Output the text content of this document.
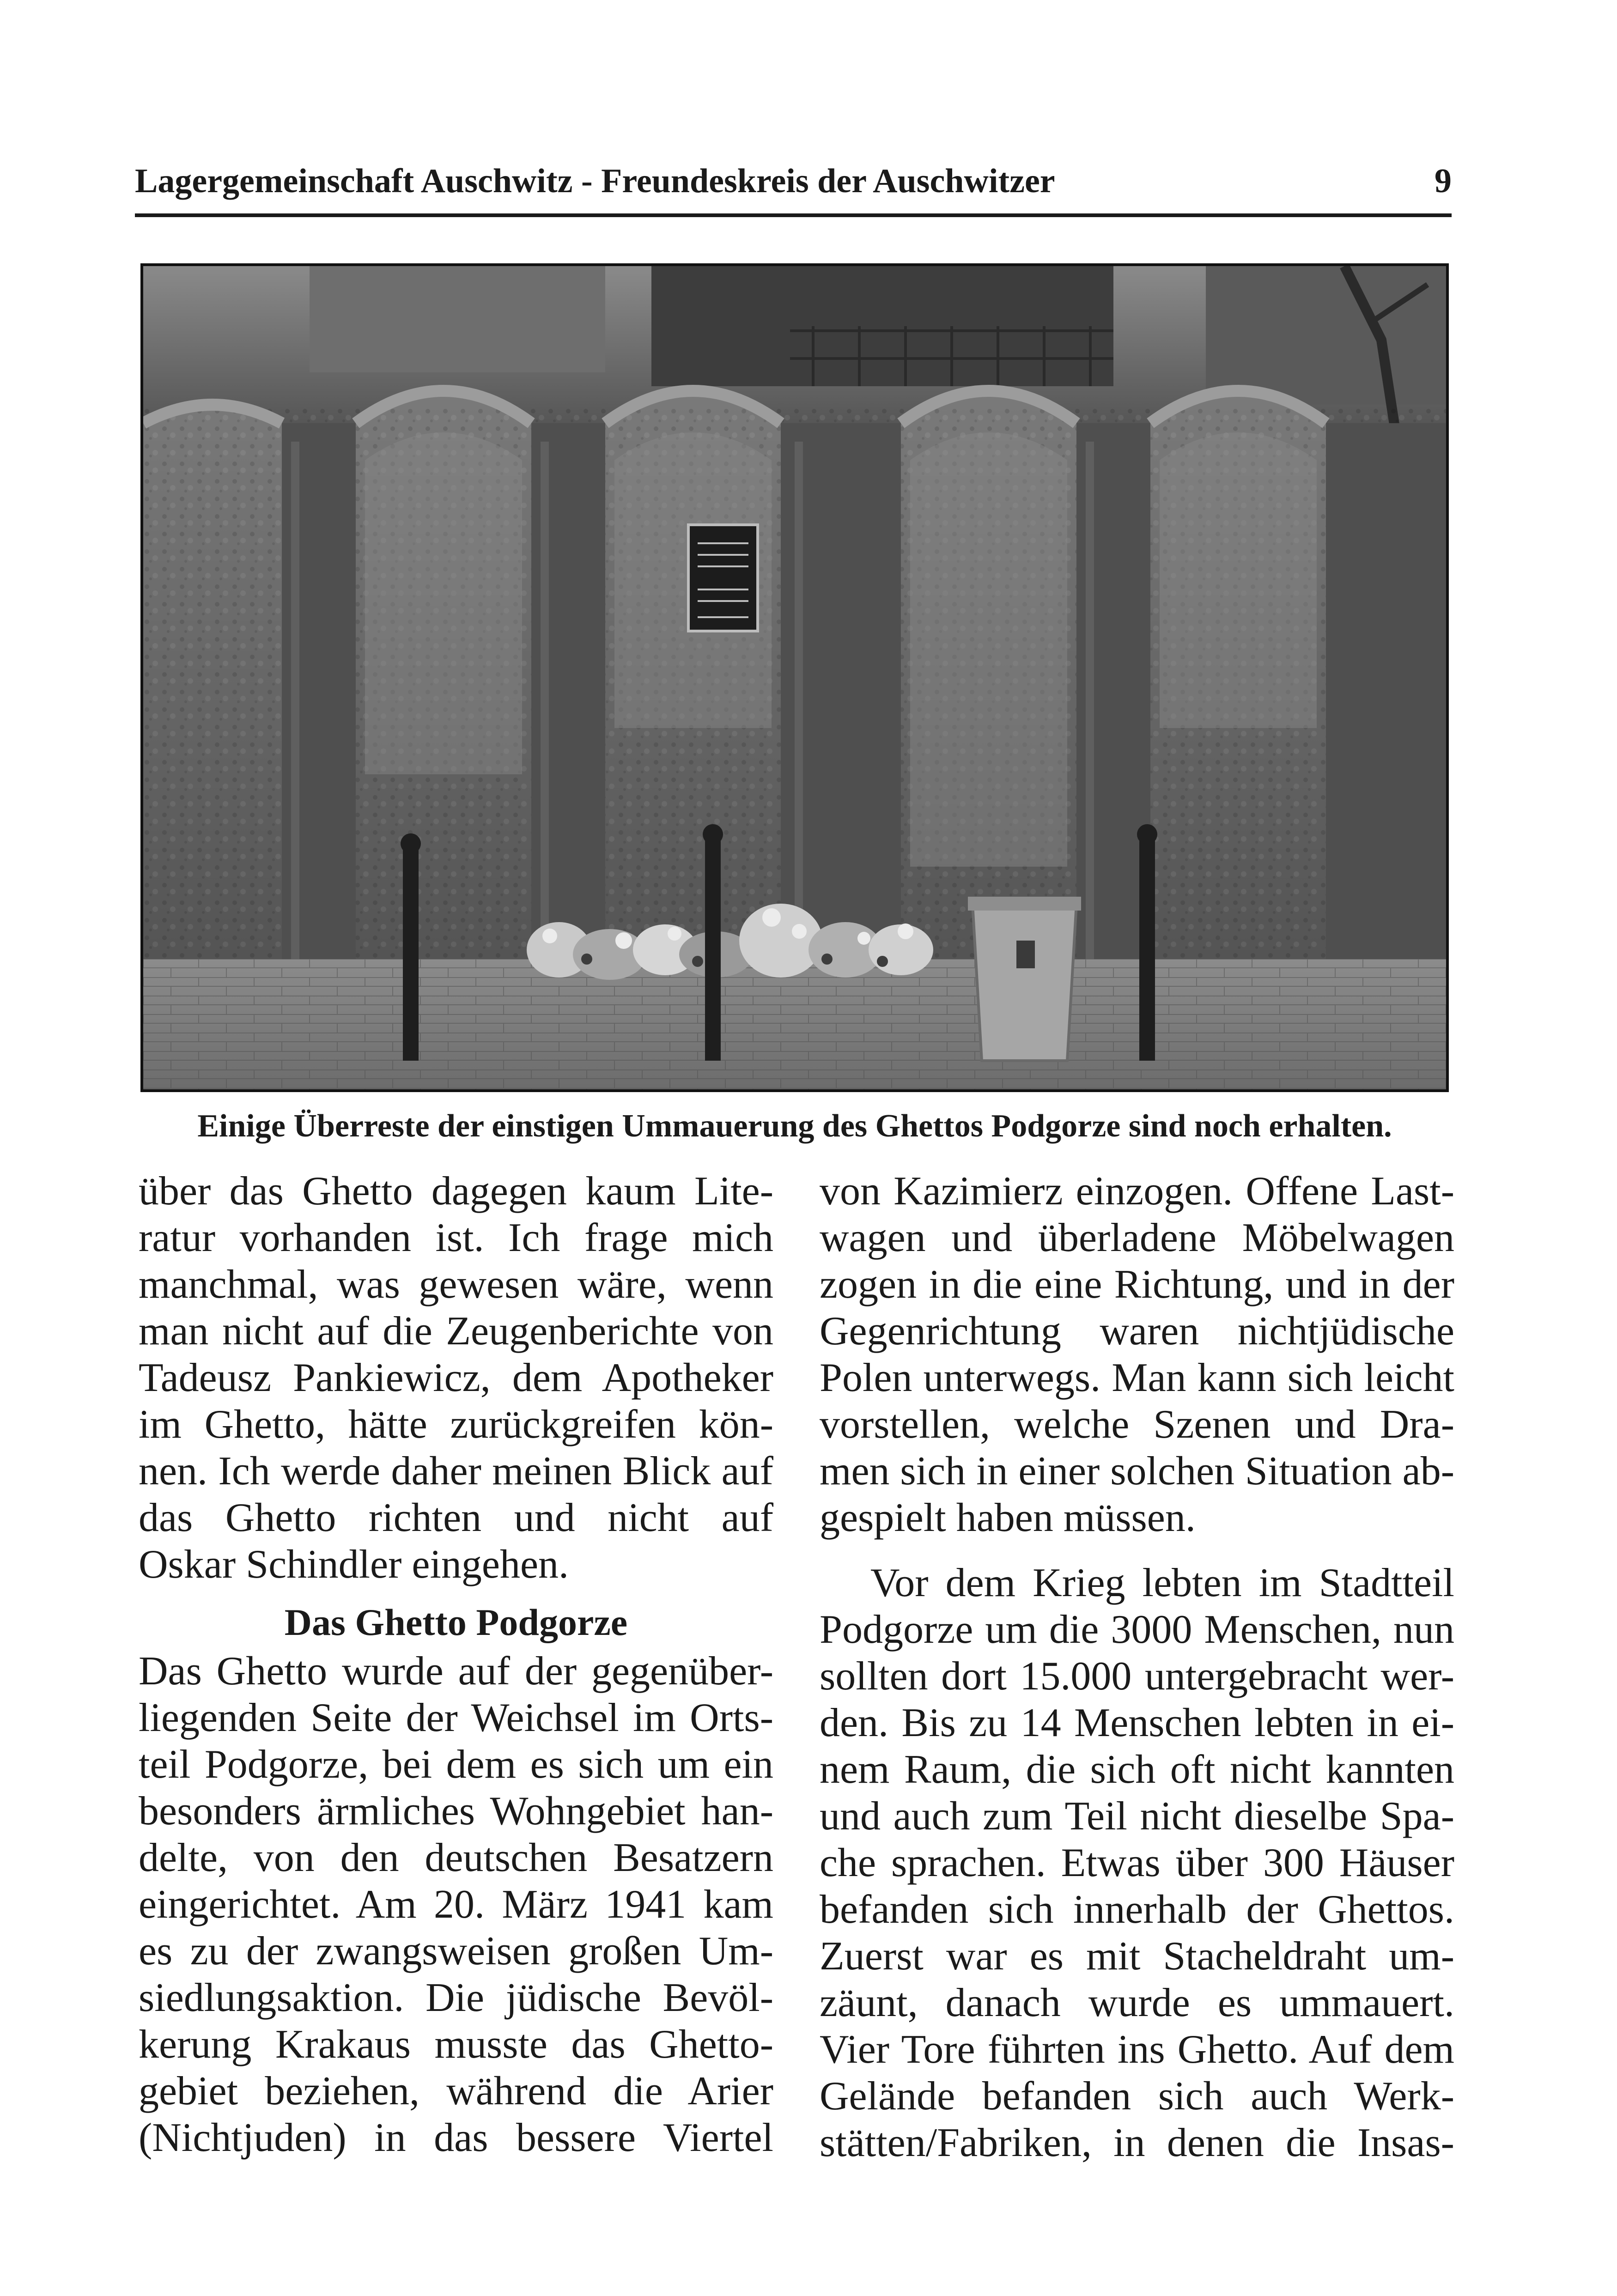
Lagergemeinschaft Auschwitz - Freundeskreis der Auschwitzer	9
Einige Überreste der einstigen Ummauerung des Ghettos Podgorze sind noch erhalten.
über das Ghetto dagegen kaum Lite-
ratur vorhanden ist. Ich frage mich
manchmal, was gewesen wäre, wenn
man nicht auf die Zeugenberichte von
Tadeusz Pankiewicz, dem Apotheker
im Ghetto, hätte zurückgreifen kön-
nen. Ich werde daher meinen Blick auf
das Ghetto richten und nicht auf
Oskar Schindler eingehen.
Das Ghetto Podgorze
Das Ghetto wurde auf der gegenüber-
liegenden Seite der Weichsel im Orts-
teil Podgorze, bei dem es sich um ein
besonders ärmliches Wohngebiet han-
delte, von den deutschen Besatzern
eingerichtet. Am 20. März 1941 kam
es zu der zwangsweisen großen Um-
siedlungsaktion. Die jüdische Bevöl-
kerung Krakaus musste das Ghetto-
gebiet beziehen, während die Arier
(Nichtjuden) in das bessere Viertel
von Kazimierz einzogen. Offene Last-
wagen und überladene Möbelwagen
zogen in die eine Richtung, und in der
Gegenrichtung waren nichtjüdische
Polen unterwegs. Man kann sich leicht
vorstellen, welche Szenen und Dra-
men sich in einer solchen Situation ab-
gespielt haben müssen.
Vor dem Krieg lebten im Stadtteil
Podgorze um die 3000 Menschen, nun
sollten dort 15.000 untergebracht wer-
den. Bis zu 14 Menschen lebten in ei-
nem Raum, die sich oft nicht kannten
und auch zum Teil nicht dieselbe Spa-
che sprachen. Etwas über 300 Häuser
befanden sich innerhalb der Ghettos.
Zuerst war es mit Stacheldraht um-
zäunt, danach wurde es ummauert.
Vier Tore führten ins Ghetto. Auf dem
Gelände befanden sich auch Werk-
stätten/Fabriken, in denen die Insas-
